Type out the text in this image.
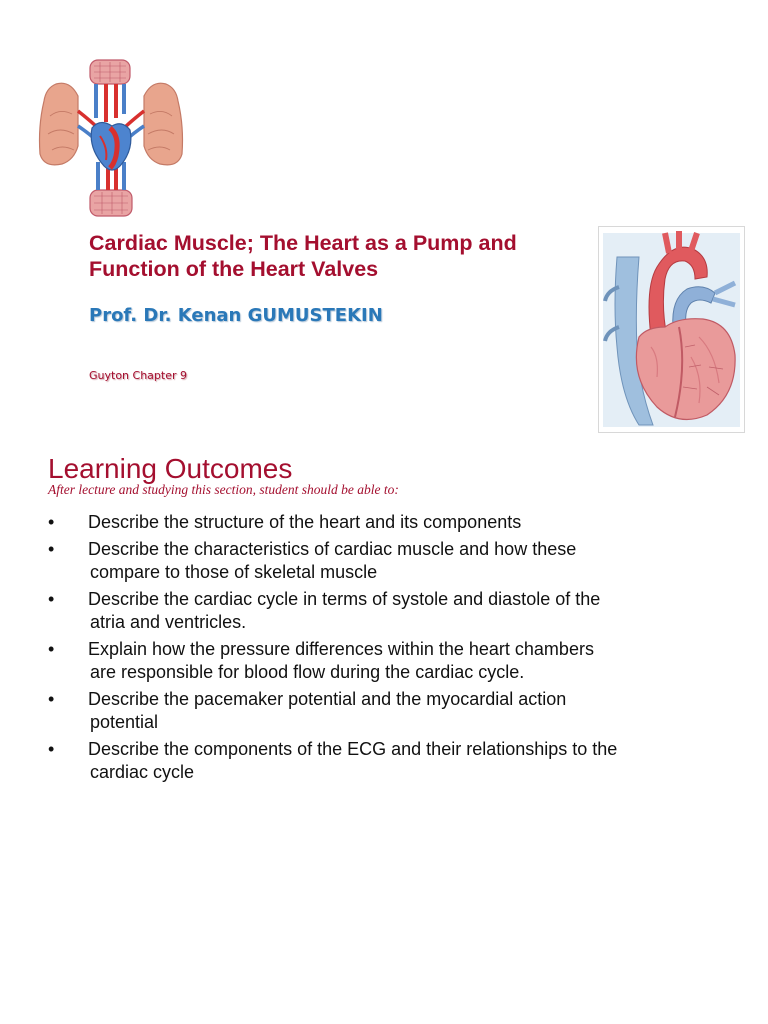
Cardiac Muscle; The Heart as a Pump and
Function of the Heart Valves

Prof. Dr. Kenan GUMUSTEKIN

Guyton Chapter 9

Learning Outcomes

After lecture and studying this section, student should be able to:

•	Describe the structure of the heart and its components
•	Describe the characteristics of cardiac muscle and how these
compare to those of skeletal muscle
•	Describe the cardiac cycle in terms of systole and diastole of the
atria and ventricles.
•	Explain how the pressure differences within the heart chambers
are responsible for blood flow during the cardiac cycle.
•	Describe the pacemaker potential and the myocardial action
potential
•	Describe the components of the ECG and their relationships to the
cardiac cycle
